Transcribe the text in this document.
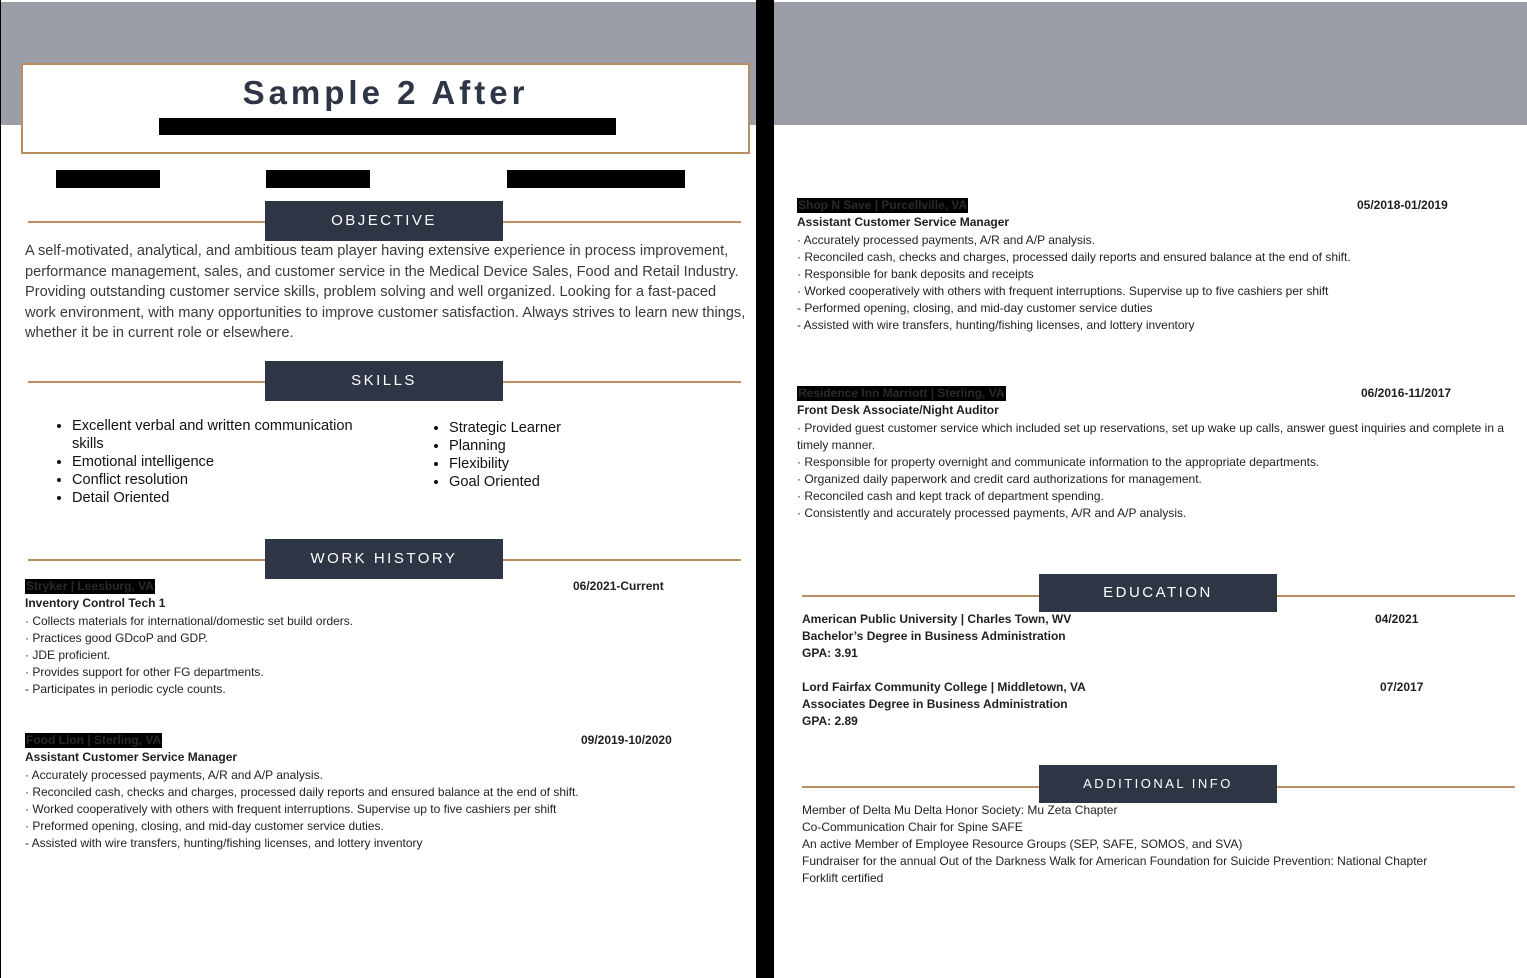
Sample 2 After
OBJECTIVE
A self-motivated, analytical, and ambitious team player having extensive experience in process improvement, performance management, sales, and customer service in the Medical Device Sales, Food and Retail Industry. Providing outstanding customer service skills, problem solving and well organized. Looking for a fast-paced work environment, with many opportunities to improve customer satisfaction. Always strives to learn new things, whether it be in current role or elsewhere.
SKILLS
• Excellent verbal and written communication skills
• Emotional intelligence
• Conflict resolution
• Detail Oriented
• Strategic Learner
• Planning
• Flexibility
• Goal Oriented
WORK HISTORY
Stryker | Leesburg, VA	06/2021-Current
Inventory Control Tech 1
· Collects materials for international/domestic set build orders.
· Practices good GDcoP and GDP.
· JDE proficient.
· Provides support for other FG departments.
- Participates in periodic cycle counts.
Food Lion | Sterling, VA	09/2019-10/2020
Assistant Customer Service Manager
· Accurately processed payments, A/R and A/P analysis.
· Reconciled cash, checks and charges, processed daily reports and ensured balance at the end of shift.
· Worked cooperatively with others with frequent interruptions. Supervise up to five cashiers per shift
· Preformed opening, closing, and mid-day customer service duties.
- Assisted with wire transfers, hunting/fishing licenses, and lottery inventory
Shop N Save | Purcellville, VA	05/2018-01/2019
Assistant Customer Service Manager
· Accurately processed payments, A/R and A/P analysis.
· Reconciled cash, checks and charges, processed daily reports and ensured balance at the end of shift.
· Responsible for bank deposits and receipts
· Worked cooperatively with others with frequent interruptions. Supervise up to five cashiers per shift
- Performed opening, closing, and mid-day customer service duties
- Assisted with wire transfers, hunting/fishing licenses, and lottery inventory
Residence Inn Marriott | Sterling, VA	06/2016-11/2017
Front Desk Associate/Night Auditor
· Provided guest customer service which included set up reservations, set up wake up calls, answer guest inquiries and complete in a timely manner.
· Responsible for property overnight and communicate information to the appropriate departments.
· Organized daily paperwork and credit card authorizations for management.
· Reconciled cash and kept track of department spending.
· Consistently and accurately processed payments, A/R and A/P analysis.
EDUCATION
American Public University | Charles Town, WV	04/2021
Bachelor’s Degree in Business Administration
GPA: 3.91
Lord Fairfax Community College | Middletown, VA	07/2017
Associates Degree in Business Administration
GPA: 2.89
ADDITIONAL INFO
Member of Delta Mu Delta Honor Society: Mu Zeta Chapter
Co-Communication Chair for Spine SAFE
An active Member of Employee Resource Groups (SEP, SAFE, SOMOS, and SVA)
Fundraiser for the annual Out of the Darkness Walk for American Foundation for Suicide Prevention: National Chapter
Forklift certified
